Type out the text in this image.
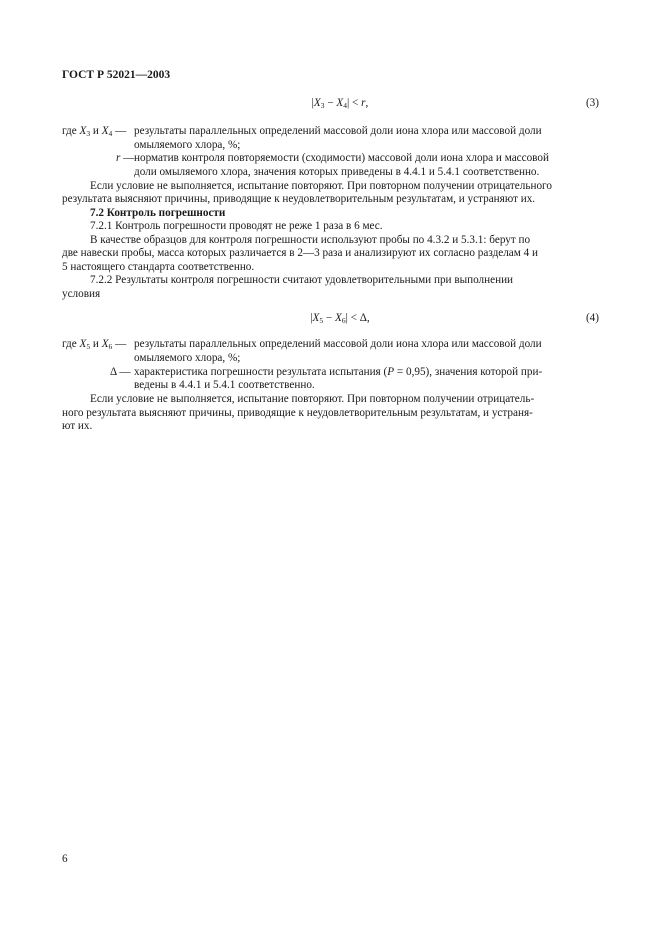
ГОСТ Р 52021—2003
$|X_3 - X_4| < r$,	(3)
где $X_3$ и $X_4$ — результаты параллельных определений массовой доли иона хлора или массовой доли
омыляемого хлора, %;
r — норматив контроля повторяемости (сходимости) массовой доли иона хлора и массовой
доли омыляемого хлора, значения которых приведены в 4.4.1 и 5.4.1 соответственно.
Если условие не выполняется, испытание повторяют. При повторном получении отрицательного
результата выясняют причины, приводящие к неудовлетворительным результатам, и устраняют их.
7.2 Контроль погрешности
7.2.1 Контроль погрешности проводят не реже 1 раза в 6 мес.
В качестве образцов для контроля погрешности используют пробы по 4.3.2 и 5.3.1: берут по
две навески пробы, масса которых различается в 2—3 раза и анализируют их согласно разделам 4 и
5 настоящего стандарта соответственно.
7.2.2 Результаты контроля погрешности считают удовлетворительными при выполнении
условия
$|X_5 - X_6| < \Delta$,	(4)
где $X_5$ и $X_6$ — результаты параллельных определений массовой доли иона хлора или массовой доли
омыляемого хлора, %;
Δ — характеристика погрешности результата испытания (P = 0,95), значения которой при-
ведены в 4.4.1 и 5.4.1 соответственно.
Если условие не выполняется, испытание повторяют. При повторном получении отрицатель-
ного результата выясняют причины, приводящие к неудовлетворительным результатам, и устраня-
ют их.
6
